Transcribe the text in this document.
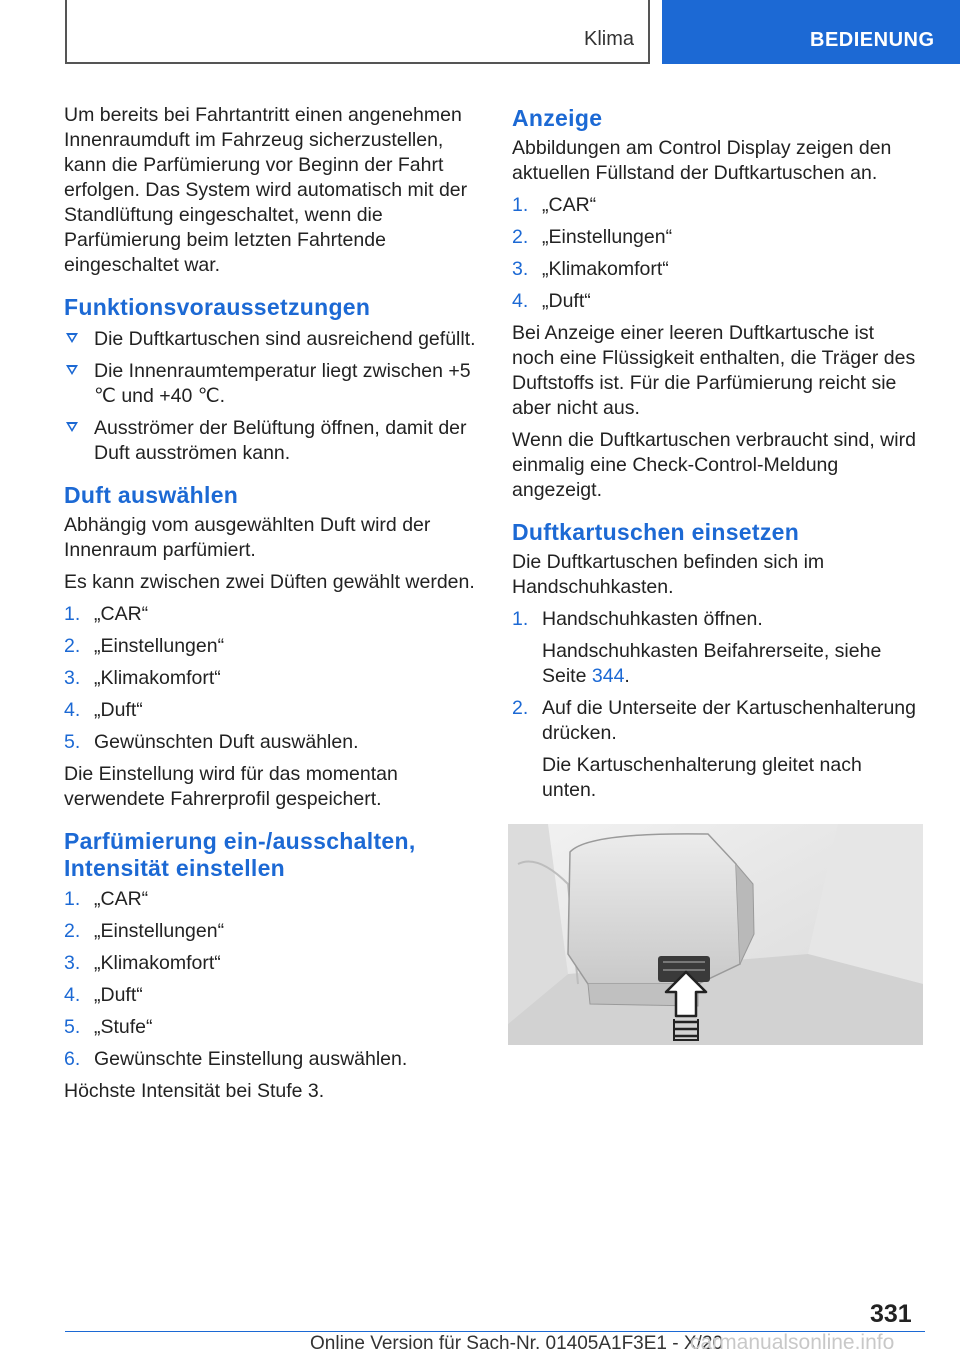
Klima	BEDIENUNG

Um bereits bei Fahrtantritt einen angenehmen Innenraumduft im Fahrzeug sicherzustellen, kann die Parfümierung vor Beginn der Fahrt erfolgen. Das System wird automatisch mit der Standlüftung eingeschaltet, wenn die Parfümierung beim letzten Fahrtende eingeschaltet war.

Funktionsvoraussetzungen
Die Duftkartuschen sind ausreichend gefüllt.
Die Innenraumtemperatur liegt zwischen +5 ℃ und +40 ℃.
Ausströmer der Belüftung öffnen, damit der Duft ausströmen kann.
Duft auswählen

Abhängig vom ausgewählten Duft wird der Innenraum parfümiert.

Es kann zwischen zwei Düften gewählt werden.

1. „CAR“
2. „Einstellungen“
3. „Klimakomfort“
4. „Duft“
5. Gewünschten Duft auswählen.

Die Einstellung wird für das momentan verwendete Fahrerprofil gespeichert.

Parfümierung ein-/ausschalten, Intensität einstellen
1. „CAR“
2. „Einstellungen“
3. „Klimakomfort“
4. „Duft“
5. „Stufe“
6. Gewünschte Einstellung auswählen.

Höchste Intensität bei Stufe 3.

Anzeige

Abbildungen am Control Display zeigen den aktuellen Füllstand der Duftkartuschen an.

1. „CAR“
2. „Einstellungen“
3. „Klimakomfort“
4. „Duft“

Bei Anzeige einer leeren Duftkartusche ist noch eine Flüssigkeit enthalten, die Träger des Duftstoffs ist. Für die Parfümierung reicht sie aber nicht aus.

Wenn die Duftkartuschen verbraucht sind, wird einmalig eine Check-Control-Meldung angezeigt.

Duftkartuschen einsetzen

Die Duftkartuschen befinden sich im Handschuhkasten.

1. Handschuhkasten öffnen.
Handschuhkasten Beifahrerseite, siehe Seite 344.
2. Auf die Unterseite der Kartuschenhalterung drücken.
Die Kartuschenhalterung gleitet nach unten.
331
Online Version für Sach-Nr. 01405A1F3E1 - X/20
carmanualsonline.info
